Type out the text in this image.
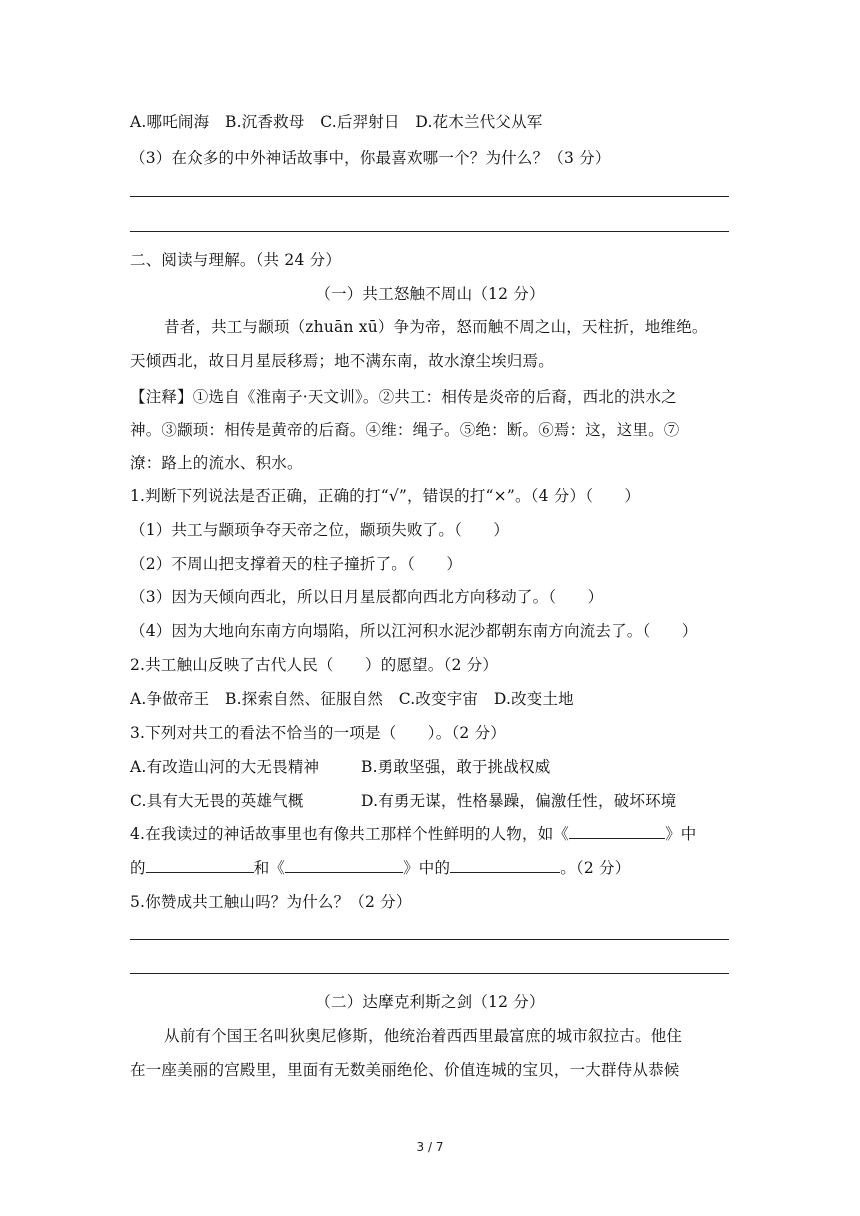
A.哪吒闹海　B.沉香救母　C.后羿射日　D.花木兰代父从军
（3）在众多的中外神话故事中，你最喜欢哪一个？为什么？（3 分）
二、阅读与理解。（共 24 分）
（一）共工怒触不周山（12 分）
昔者，共工与颛顼（zhuān xū）争为帝，怒而触不周之山，天柱折，地维绝。
天倾西北，故日月星辰移焉；地不满东南，故水潦尘埃归焉。
【注释】①选自《淮南子·天文训》。②共工：相传是炎帝的后裔，西北的洪水之
神。③颛顼：相传是黄帝的后裔。④维：绳子。⑤绝：断。⑥焉：这，这里。⑦
潦：路上的流水、积水。
1.判断下列说法是否正确，正确的打“√”，错误的打“×”。（4 分）（　　）
（1）共工与颛顼争夺天帝之位，颛顼失败了。（　　）
（2）不周山把支撑着天的柱子撞折了。（　　）
（3）因为天倾向西北，所以日月星辰都向西北方向移动了。（　　）
（4）因为大地向东南方向塌陷，所以江河积水泥沙都朝东南方向流去了。（　　）
2.共工触山反映了古代人民（　　）的愿望。（2 分）
A.争做帝王　B.探索自然、征服自然　C.改变宇宙　D.改变土地
3.下列对共工的看法不恰当的一项是（　　）。（2 分）
A.有改造山河的大无畏精神	B.勇敢坚强，敢于挑战权威
C.具有大无畏的英雄气概	D.有勇无谋，性格暴躁，偏激任性，破坏环境
4.在我读过的神话故事里也有像共工那样个性鲜明的人物，如《	》中
的	和《	》中的	。（2 分）
5.你赞成共工触山吗？为什么？（2 分）
（二）达摩克利斯之剑（12 分）
从前有个国王名叫狄奥尼修斯，他统治着西西里最富庶的城市叙拉古。他住
在一座美丽的宫殿里，里面有无数美丽绝伦、价值连城的宝贝，一大群侍从恭候
3 / 7
